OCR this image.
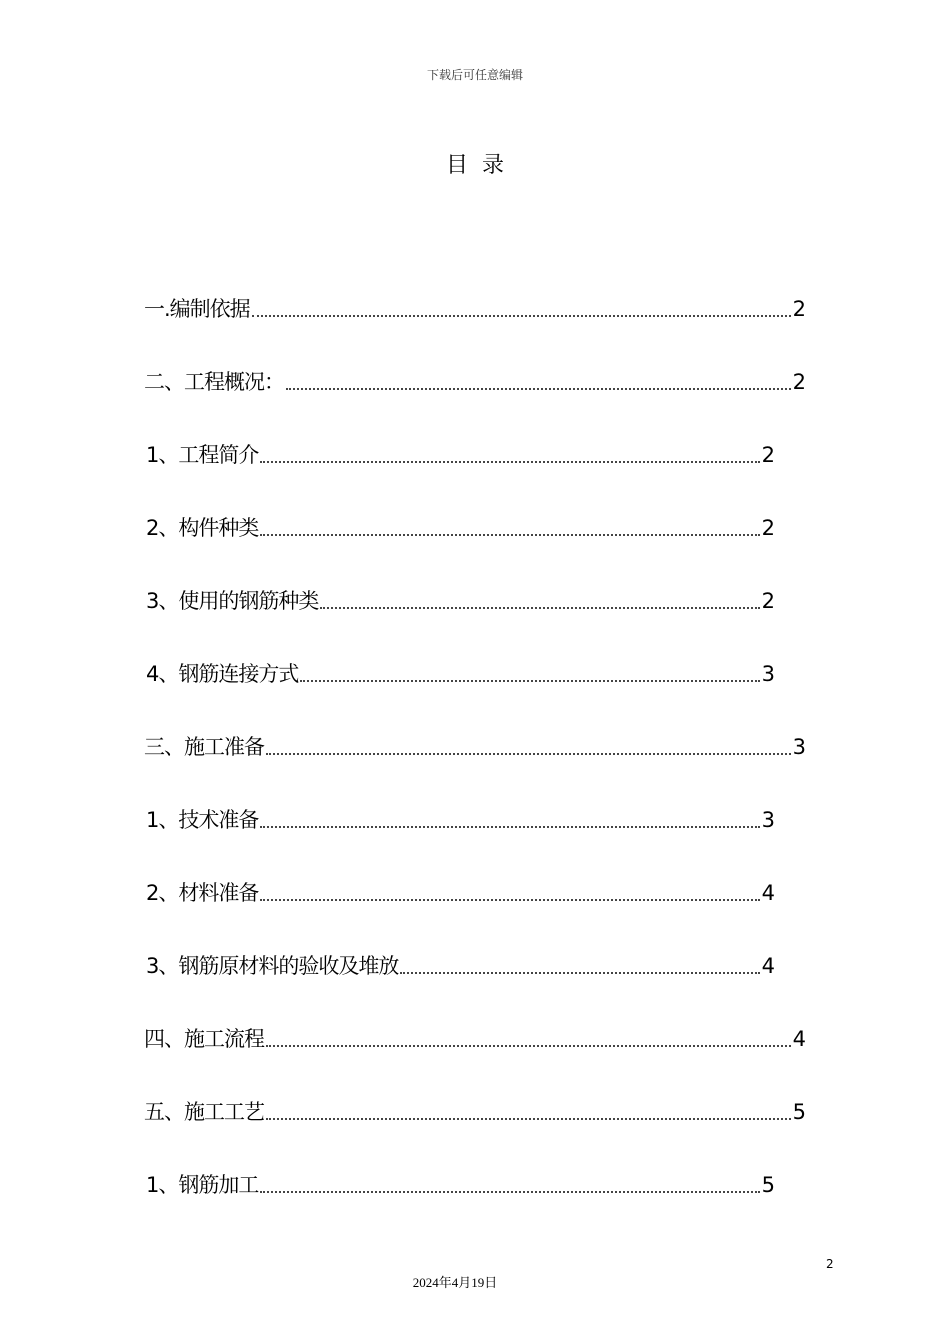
下载后可任意编辑
目录
一.编制依据	2
二、工程概况：	2
1、工程简介	2
2、构件种类	2
3、使用的钢筋种类	2
4、钢筋连接方式	3
三、施工准备	3
1、技术准备	3
2、材料准备	4
3、钢筋原材料的验收及堆放	4
四、施工流程	4
五、施工工艺	5
1、钢筋加工	5
2
2024年4月19日
